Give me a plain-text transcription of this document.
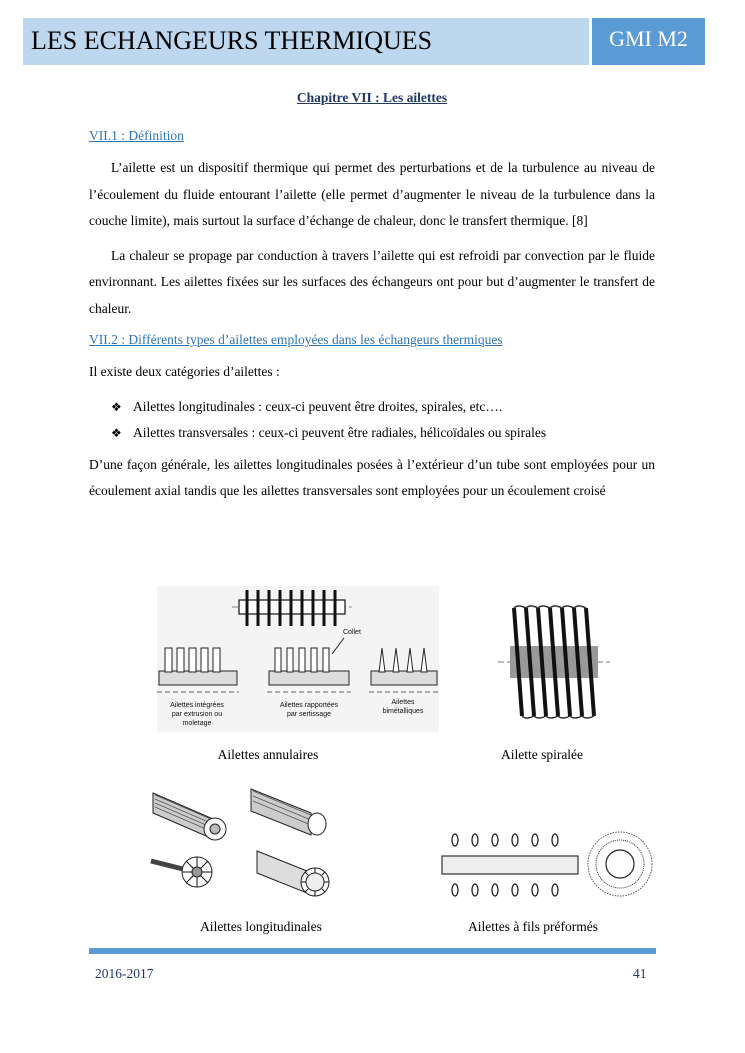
LES ECHANGEURS THERMIQUES	GMI M2
Chapitre VII : Les ailettes
VII.1 : Définition

L’ailette est un dispositif thermique qui permet des perturbations et de la turbulence au niveau de l’écoulement du fluide entourant l’ailette (elle permet d’augmenter le niveau de la turbulence dans la couche limite), mais surtout la surface d’échange de chaleur, donc le transfert thermique. [8]

La chaleur se propage par conduction à travers l’ailette qui est refroidi par convection par le fluide environnant. Les ailettes fixées sur les surfaces des échangeurs ont pour but d’augmenter le transfert de chaleur.

VII.2 : Différents types d’ailettes employées dans les échangeurs thermiques

Il existe deux catégories d’ailettes :

❖ Ailettes longitudinales : ceux-ci peuvent être droites, spirales, etc….
❖ Ailettes transversales : ceux-ci peuvent être radiales, hélicoïdales ou spirales

D’une façon générale, les ailettes longitudinales posées à l’extérieur d’un tube sont employées pour un écoulement axial tandis que les ailettes transversales sont employées pour un écoulement croisé

Collet
Ailettes intégrées
par extrusion ou
moletage
Ailettes rapportées
par sertissage
Ailettes
bimétalliques
Ailettes annulaires	Ailette spiralée
Ailettes longitudinales	Ailettes à fils préformés
2016-2017	41
